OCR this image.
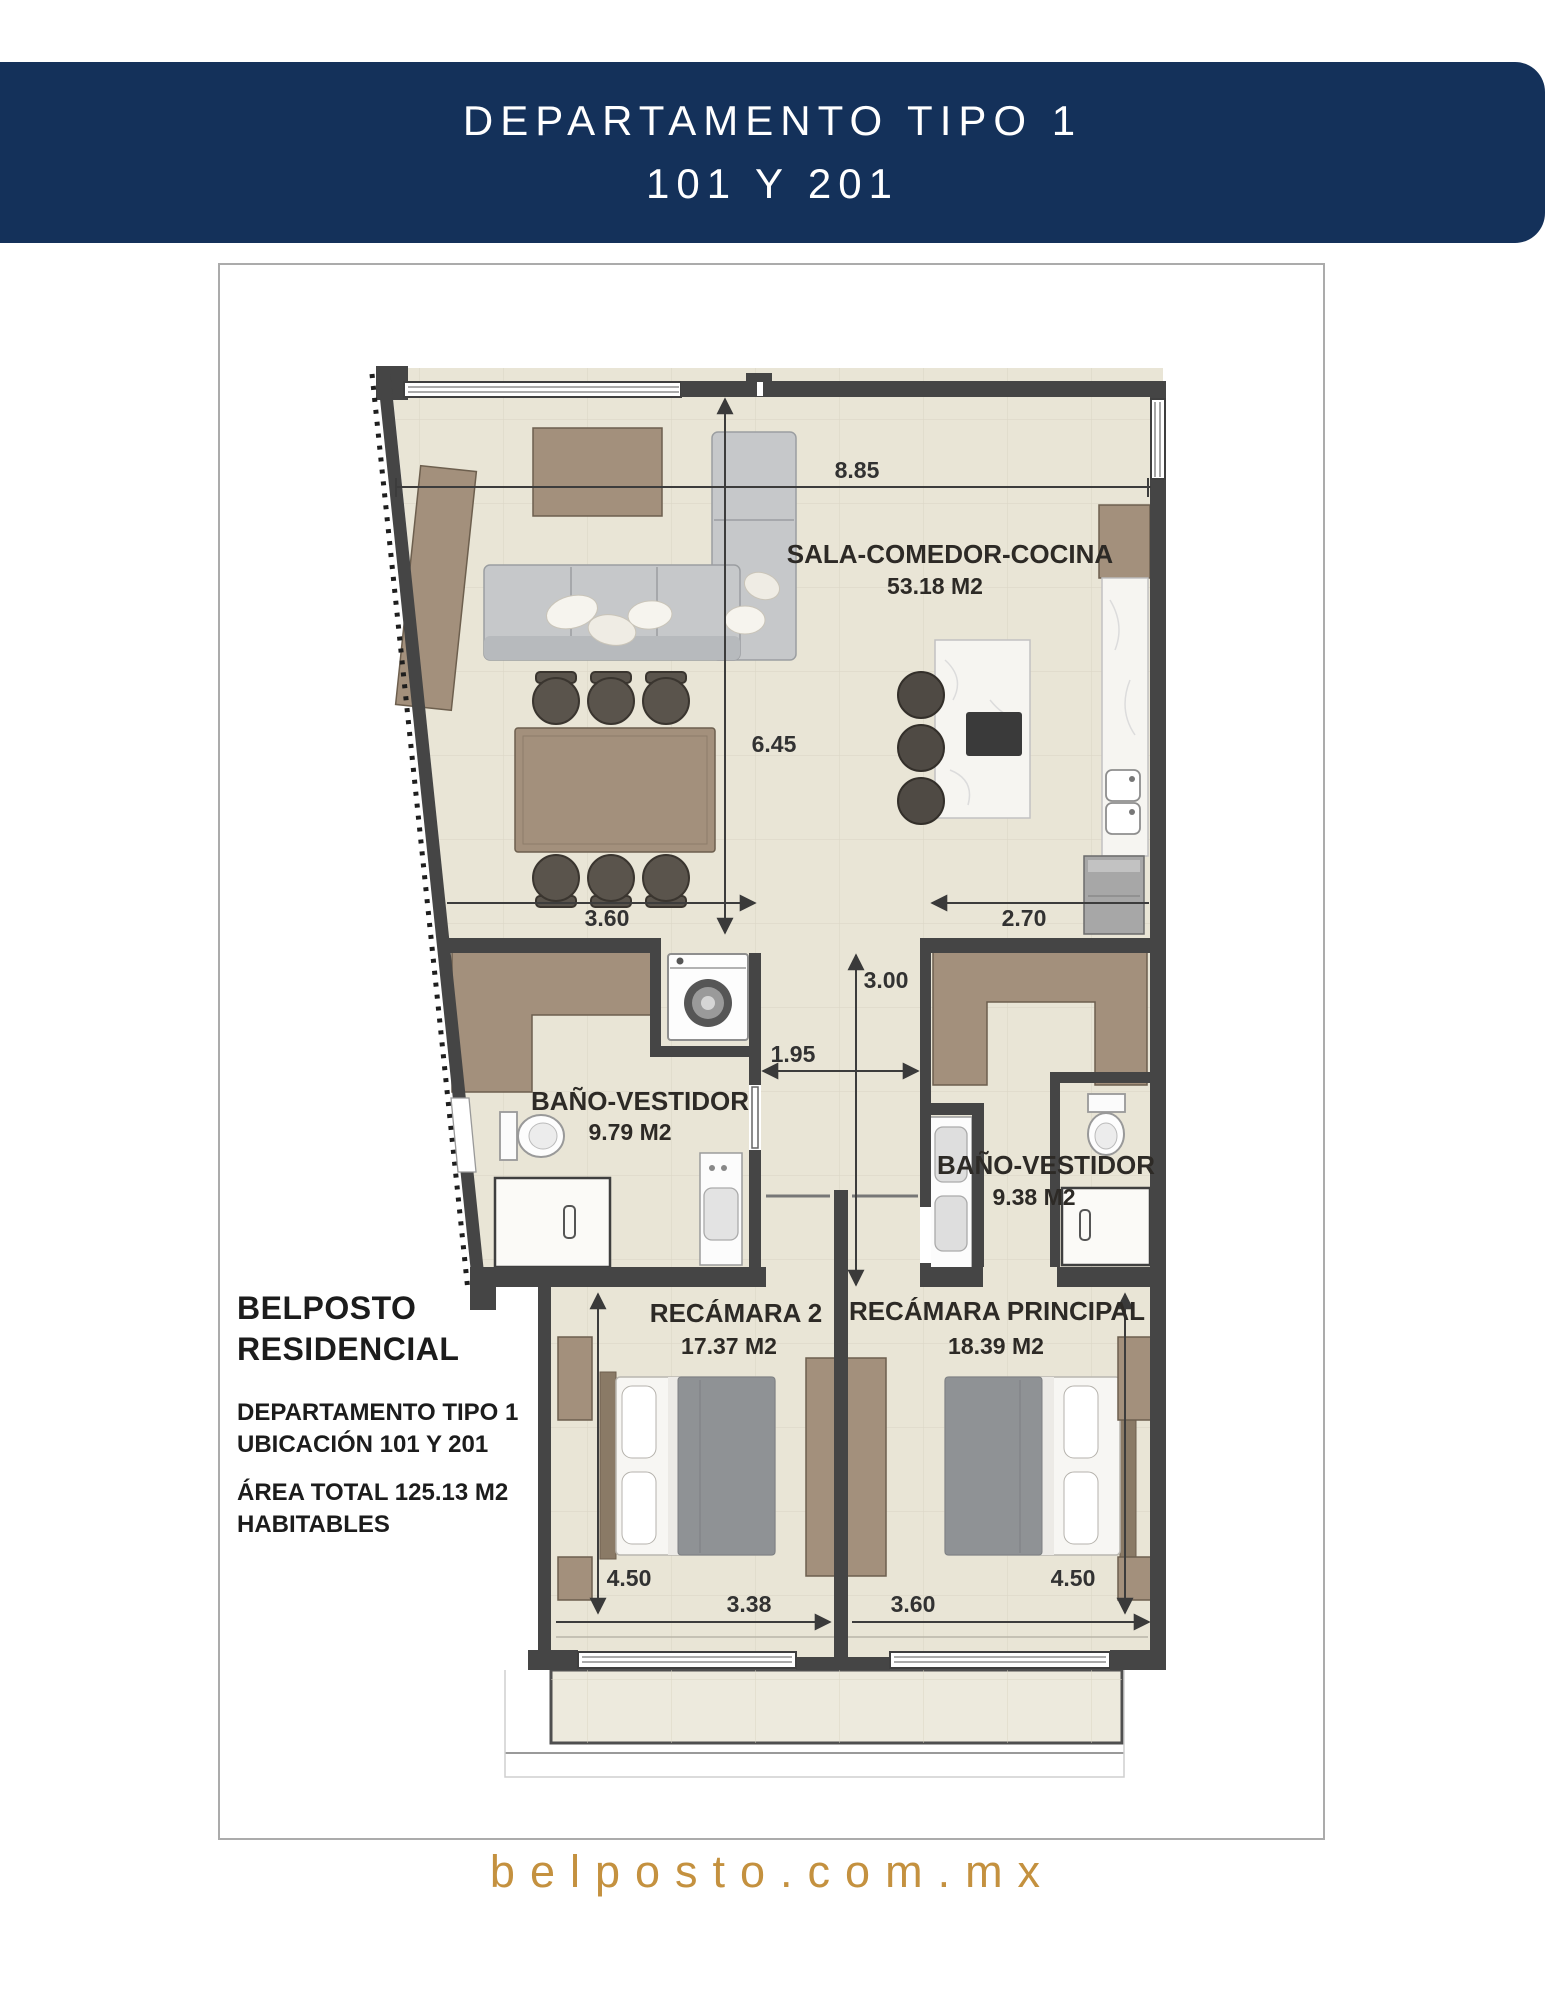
DEPARTAMENTO TIPO 1
101 Y 201
SALA-COMEDOR-COCINA
53.18 M2
BAÑO-VESTIDOR
9.79 M2
BAÑO-VESTIDOR
9.38 M2
RECÁMARA 2
17.37 M2
RECÁMARA PRINCIPAL
18.39 M2
8.85
6.45
3.60	2.70
3.00
1.95
4.50	4.50
3.38	3.60
BELPOSTO
RESIDENCIAL
DEPARTAMENTO TIPO 1
UBICACIÓN 101 Y 201
ÁREA TOTAL 125.13 M2
HABITABLES
belposto.com.mx
